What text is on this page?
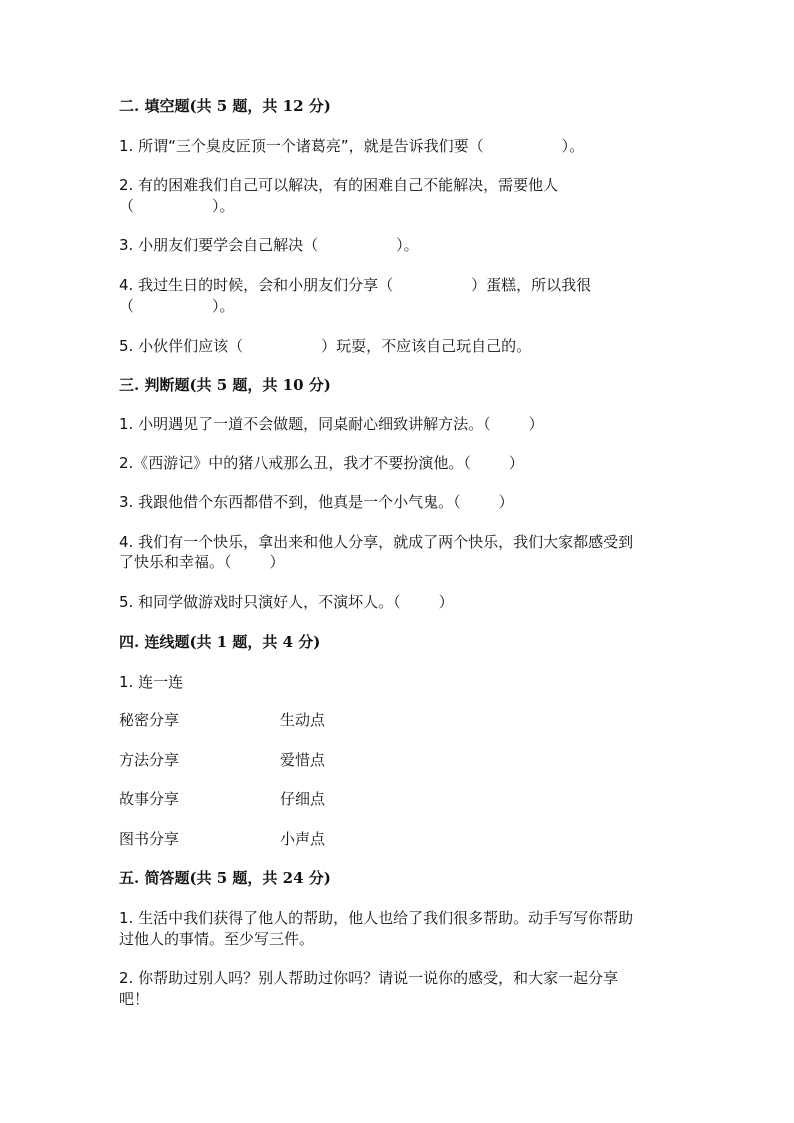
二. 填空题(共 5 题，共 12 分)
1. 所谓“三个臭皮匠顶一个诸葛亮”，就是告诉我们要（	）。
2. 有的困难我们自己可以解决，有的困难自己不能解决，需要他人
（	）。
3. 小朋友们要学会自己解决（	）。
4. 我过生日的时候，会和小朋友们分享（	）蛋糕，所以我很
（	）。
5. 小伙伴们应该（	）玩耍，不应该自己玩自己的。
三. 判断题(共 5 题，共 10 分)
1. 小明遇见了一道不会做题，同桌耐心细致讲解方法。（	）
2.《西游记》中的猪八戒那么丑，我才不要扮演他。（	）
3. 我跟他借个东西都借不到，他真是一个小气鬼。（	）
4. 我们有一个快乐，拿出来和他人分享，就成了两个快乐，我们大家都感受到
了快乐和幸福。（	）
5. 和同学做游戏时只演好人，不演坏人。（	）
四. 连线题(共 1 题，共 4 分)
1. 连一连
秘密分享	生动点
方法分享	爱惜点
故事分享	仔细点
图书分享	小声点
五. 简答题(共 5 题，共 24 分)
1. 生活中我们获得了他人的帮助，他人也给了我们很多帮助。动手写写你帮助
过他人的事情。至少写三件。
2. 你帮助过别人吗？别人帮助过你吗？请说一说你的感受，和大家一起分享
吧！
